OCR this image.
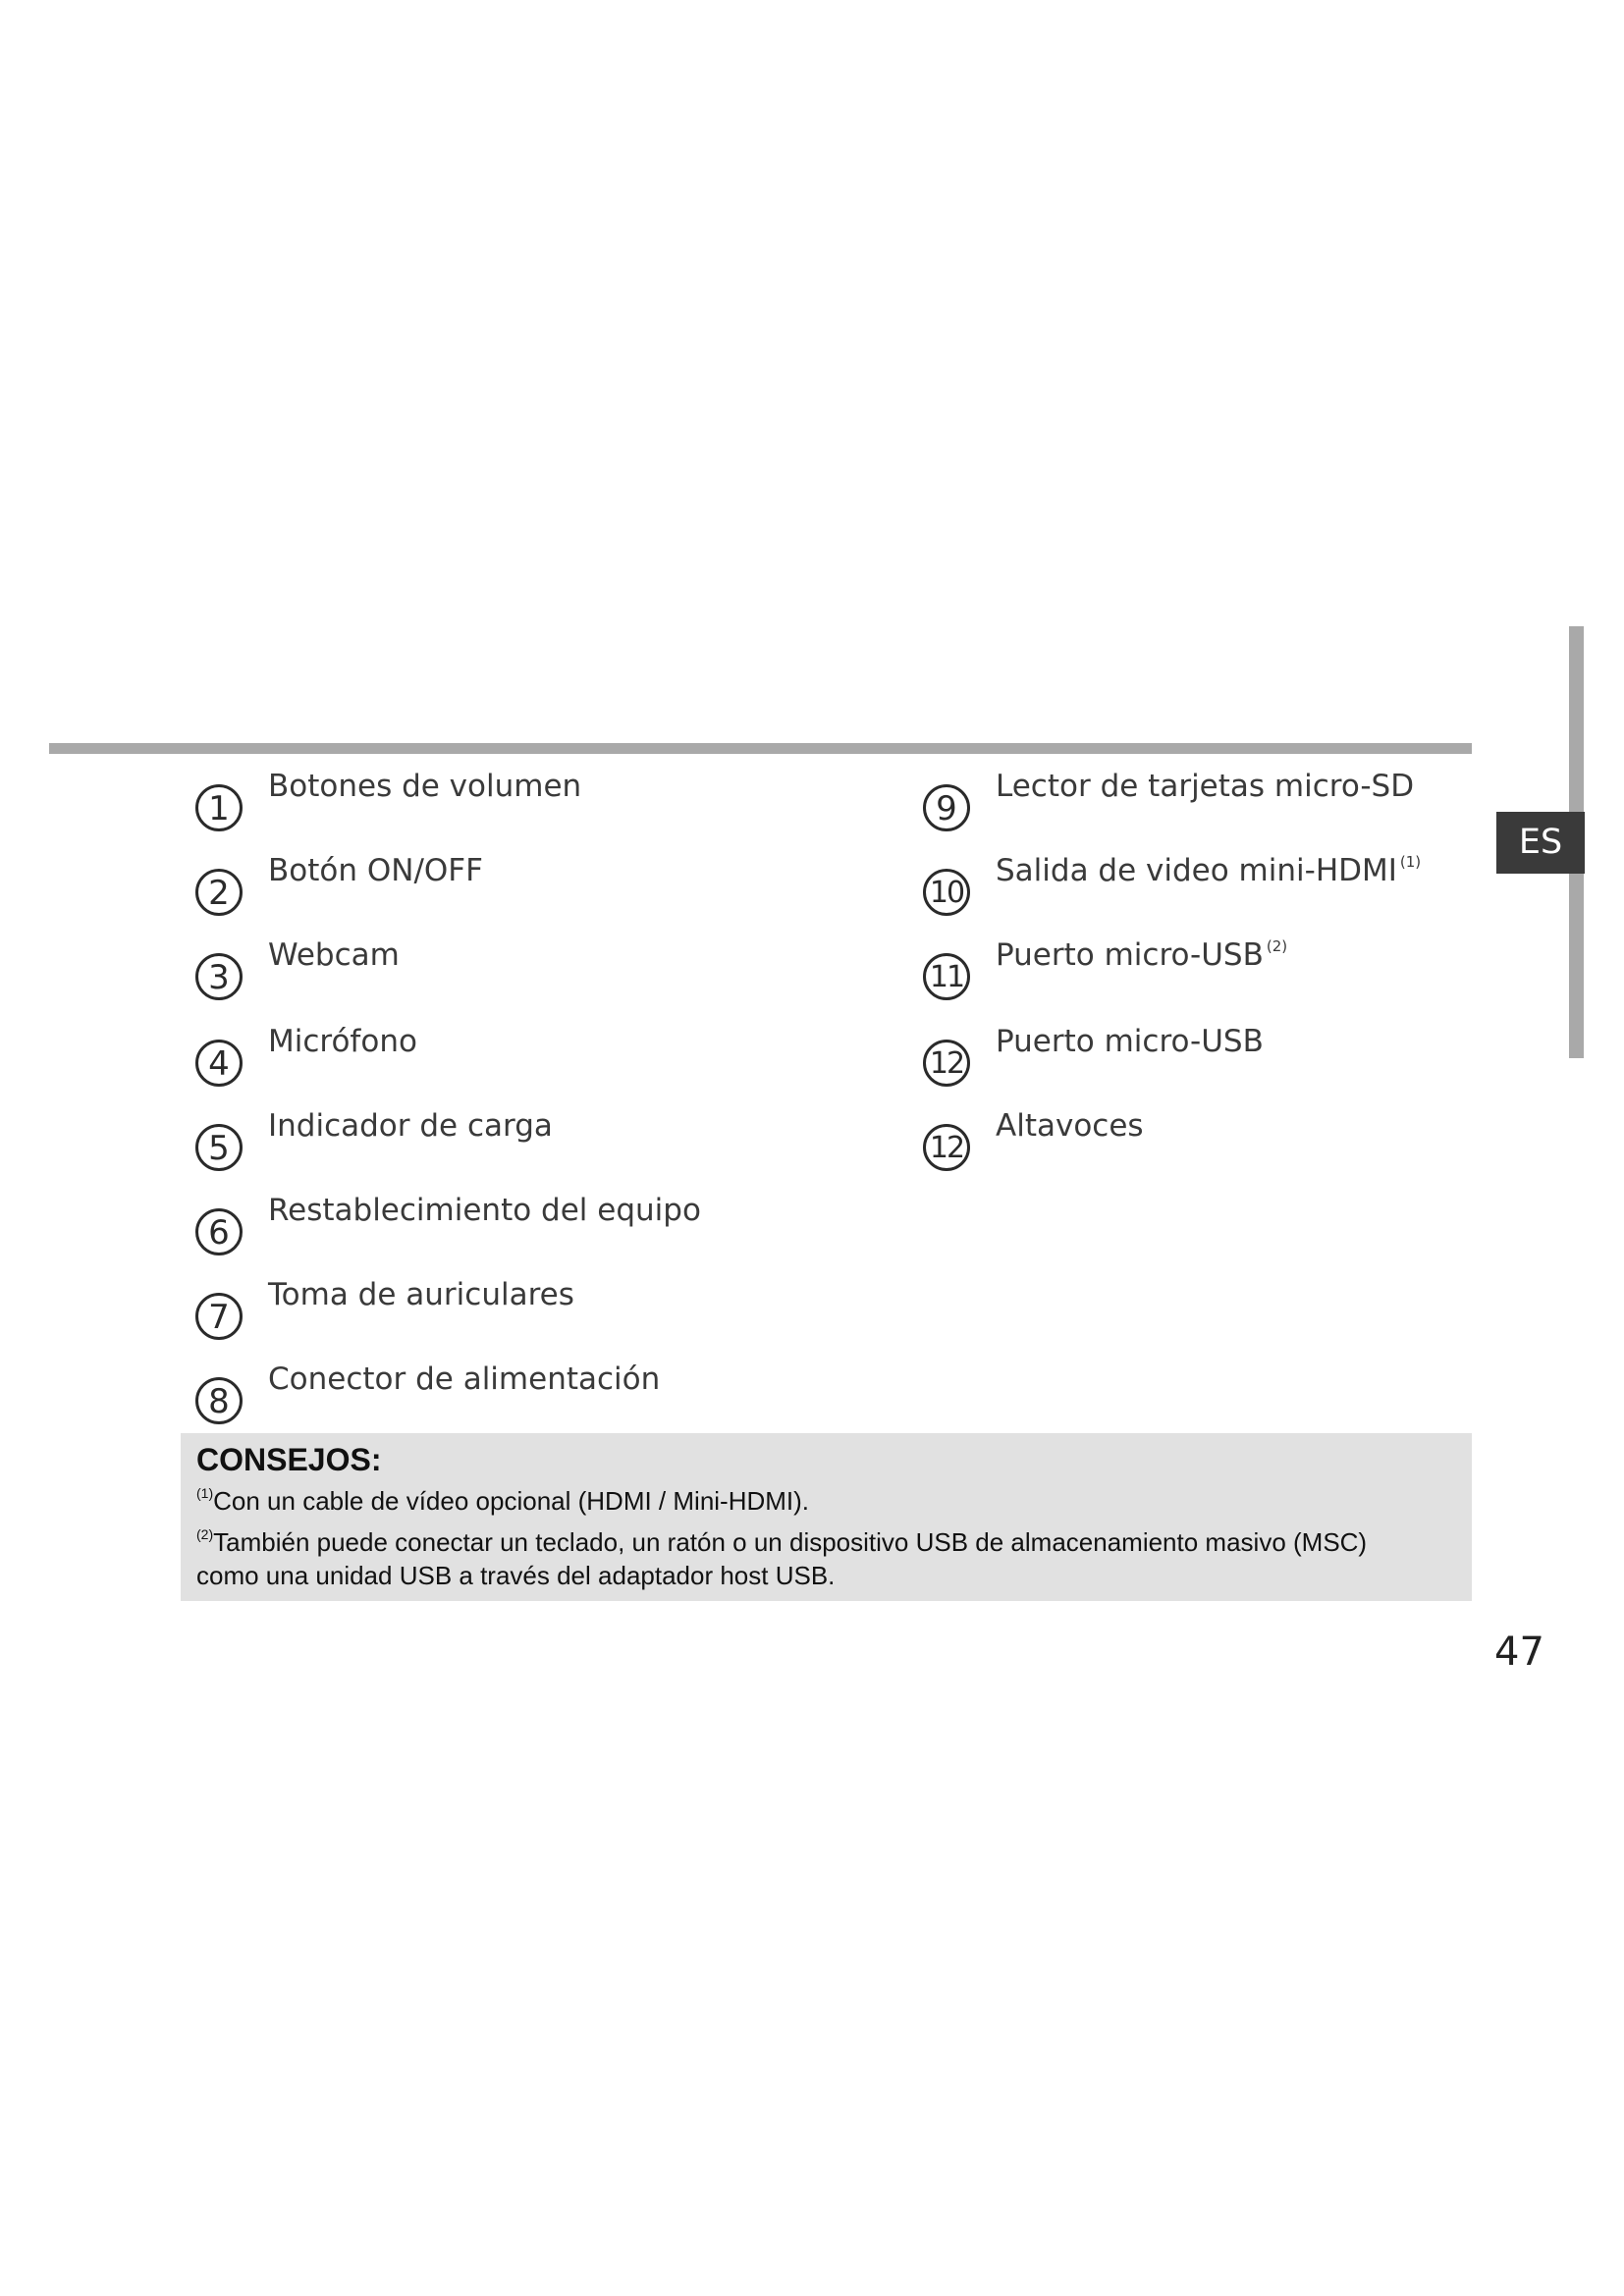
ES
1
Botones de volumen
2
Botón ON/OFF
3
Webcam
4
Micrófono
5
Indicador de carga
6
Restablecimiento del equipo
7
Toma de auriculares
8
Conector de alimentación
9
Lector de tarjetas micro-SD
10
Salida de video mini-HDMI $^{(1)}$
11
Puerto micro-USB $^{(2)}$
12
Puerto micro-USB
12
Altavoces
CONSEJOS:
$^{(1)}$Con un cable de vídeo opcional (HDMI / Mini-HDMI).
$^{(2)}$También puede conectar un teclado, un ratón o un dispositivo USB de almacenamiento masivo (MSC)
como una unidad USB a través del adaptador host USB.
47
